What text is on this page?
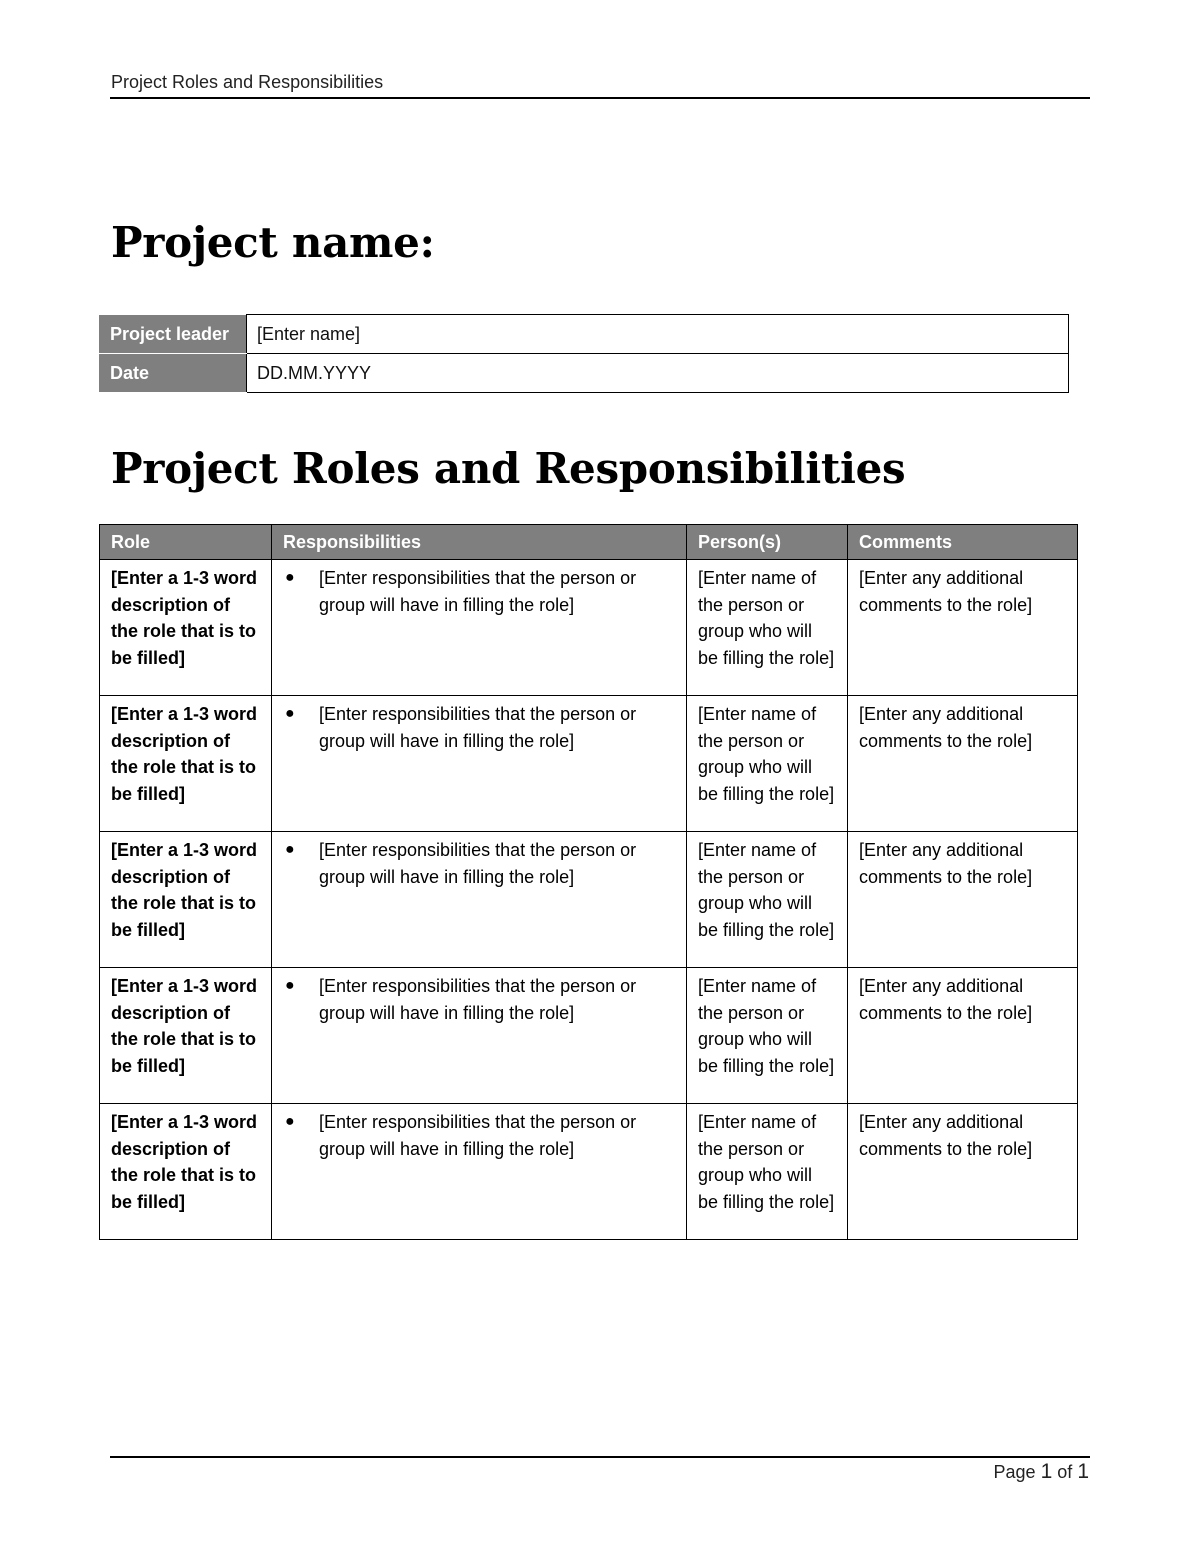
Project Roles and Responsibilities
Project name:
Project leader	[Enter name]
Date	DD.MM.YYYY
Project Roles and Responsibilities
Role	Responsibilities	Person(s)	Comments
[Enter a 1-3 word description of the role that is to be filled]	● [Enter responsibilities that the person or group will have in filling the role]	[Enter name of the person or group who will be filling the role]	[Enter any additional comments to the role]
[Enter a 1-3 word description of the role that is to be filled]	● [Enter responsibilities that the person or group will have in filling the role]	[Enter name of the person or group who will be filling the role]	[Enter any additional comments to the role]
[Enter a 1-3 word description of the role that is to be filled]	● [Enter responsibilities that the person or group will have in filling the role]	[Enter name of the person or group who will be filling the role]	[Enter any additional comments to the role]
[Enter a 1-3 word description of the role that is to be filled]	● [Enter responsibilities that the person or group will have in filling the role]	[Enter name of the person or group who will be filling the role]	[Enter any additional comments to the role]
[Enter a 1-3 word description of the role that is to be filled]	● [Enter responsibilities that the person or group will have in filling the role]	[Enter name of the person or group who will be filling the role]	[Enter any additional comments to the role]
Page 1 of 1
